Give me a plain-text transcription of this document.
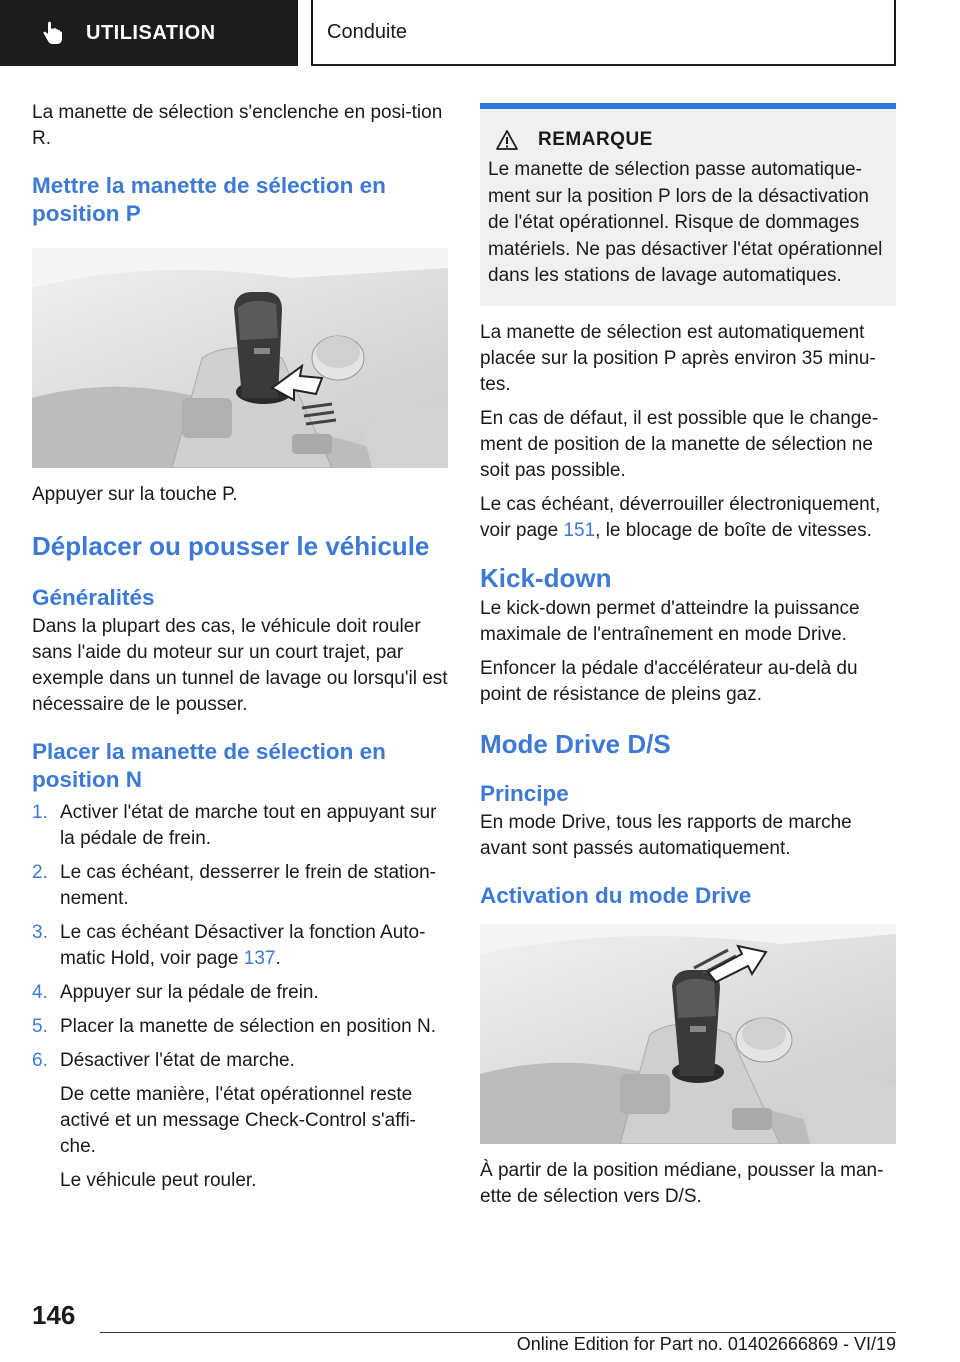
UTILISATION	Conduite

La manette de sélection s'enclenche en posi-tion R.

Mettre la manette de sélection en position P

Appuyer sur la touche P.

Déplacer ou pousser le véhicule
Généralités

Dans la plupart des cas, le véhicule doit rouler sans l'aide du moteur sur un court trajet, par exemple dans un tunnel de lavage ou lorsqu'il est nécessaire de le pousser.

Placer la manette de sélection en position N
1. Activer l'état de marche tout en appuyant sur la pédale de frein.
2. Le cas échéant, desserrer le frein de station-nement.
3. Le cas échéant Désactiver la fonction Auto-matic Hold, voir page 137.
4. Appuyer sur la pédale de frein.
5. Placer la manette de sélection en position N.
6. Désactiver l'état de marche.

De cette manière, l'état opérationnel reste activé et un message Check-Control s'affi-che.

Le véhicule peut rouler.

REMARQUE

Le manette de sélection passe automatique-ment sur la position P lors de la désactivation de l'état opérationnel. Risque de dommages matériels. Ne pas désactiver l'état opérationnel dans les stations de lavage automatiques.

La manette de sélection est automatiquement placée sur la position P après environ 35 minu-tes.

En cas de défaut, il est possible que le change-ment de position de la manette de sélection ne soit pas possible.

Le cas échéant, déverrouiller électroniquement, voir page 151, le blocage de boîte de vitesses.

Kick-down

Le kick-down permet d'atteindre la puissance maximale de l'entraînement en mode Drive.

Enfoncer la pédale d'accélérateur au-delà du point de résistance de pleins gaz.

Mode Drive D/S
Principe

En mode Drive, tous les rapports de marche avant sont passés automatiquement.

Activation du mode Drive

À partir de la position médiane, pousser la man-ette de sélection vers D/S.

146
Online Edition for Part no. 01402666869 - VI/19
